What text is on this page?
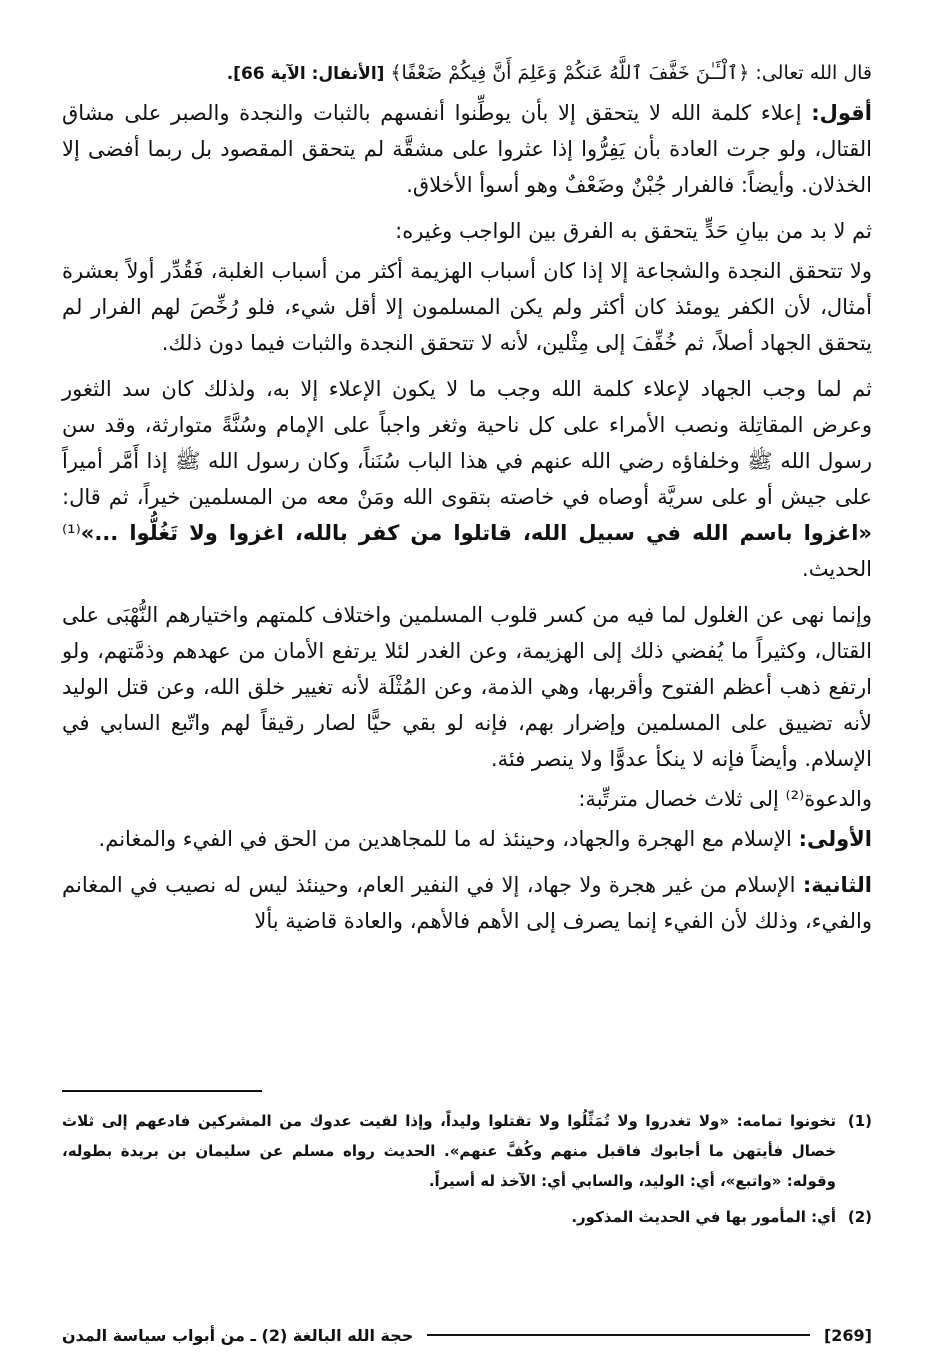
قال الله تعالى: ﴿ٱلْـَٔـٰنَ خَفَّفَ ٱللَّهُ عَنكُمْ وَعَلِمَ أَنَّ فِيكُمْ ضَعْفًا﴾ [الأنفال: الآية 66].

أقول: إعلاء كلمة الله لا يتحقق إلا بأن يوطِّنوا أنفسهم بالثبات والنجدة والصبر على مشاق القتال، ولو جرت العادة بأن يَفِرُّوا إذا عثروا على مشقَّة لم يتحقق المقصود بل ربما أفضى إلا الخذلان. وأيضاً: فالفرار جُبْنٌ وضَعْفٌ وهو أسوأ الأخلاق.

ثم لا بد من بيانِ حَدٍّ يتحقق به الفرق بين الواجب وغيره:

ولا تتحقق النجدة والشجاعة إلا إذا كان أسباب الهزيمة أكثر من أسباب الغلبة، فَقُدِّر أولاً بعشرة أمثال، لأن الكفر يومئذ كان أكثر ولم يكن المسلمون إلا أقل شيء، فلو رُخِّصَ لهم الفرار لم يتحقق الجهاد أصلاً، ثم خُفِّفَ إلى مِثْلين، لأنه لا تتحقق النجدة والثبات فيما دون ذلك.

ثم لما وجب الجهاد لإعلاء كلمة الله وجب ما لا يكون الإعلاء إلا به، ولذلك كان سد الثغور وعرض المقاتِلة ونصب الأمراء على كل ناحية وثغر واجباً على الإمام وسُنَّةً متوارثة، وقد سن رسول الله ﷺ وخلفاؤه رضي الله عنهم في هذا الباب سُنَناً، وكان رسول الله ﷺ إذا أَمَّر أميراً على جيش أو على سريَّة أوصاه في خاصته بتقوى الله ومَنْ معه من المسلمين خيراً، ثم قال: «اغزوا باسم الله في سبيل الله، قاتلوا من كفر بالله، اغزوا ولا تَغُلُّوا ...»⁽¹⁾ الحديث.

وإنما نهى عن الغلول لما فيه من كسر قلوب المسلمين واختلاف كلمتهم واختيارهم النُّهْبَى على القتال، وكثيراً ما يُفضي ذلك إلى الهزيمة، وعن الغدر لئلا يرتفع الأمان من عهدهم وذمَّتهم، ولو ارتفع ذهب أعظم الفتوح وأقربها، وهي الذمة، وعن المُثْلَة لأنه تغيير خلق الله، وعن قتل الوليد لأنه تضييق على المسلمين وإضرار بهم، فإنه لو بقي حيًّا لصار رقيقاً لهم واتّبع السابي في الإسلام. وأيضاً فإنه لا ينكأ عدوًّا ولا ينصر فئة.

والدعوة⁽²⁾ إلى ثلاث خصال مترتِّبة:

الأولى: الإسلام مع الهجرة والجهاد، وحينئذ له ما للمجاهدين من الحق في الفيء والمغانم.

الثانية: الإسلام من غير هجرة ولا جهاد، إلا في النفير العام، وحينئذ ليس له نصيب في المغانم والفيء، وذلك لأن الفيء إنما يصرف إلى الأهم فالأهم، والعادة قاضية بألا

(1)
تخونوا تمامه: «ولا تغدروا ولا تُمَثِّلُوا ولا تقتلوا وليداً، وإذا لقيت عدوك من المشركين فادعهم إلى ثلاث خصال فأيتهن ما أجابوك فاقبل منهم وكُفَّ عنهم». الحديث رواه مسلم عن سليمان بن بريدة بطوله، وقوله: «واتبع»، أي: الوليد، والسابي أي: الآخذ له أسيراً.
(2)
أي: المأمور بها في الحديث المذكور.
[269]
حجة الله البالغة (2) ـ من أبواب سياسة المدن
